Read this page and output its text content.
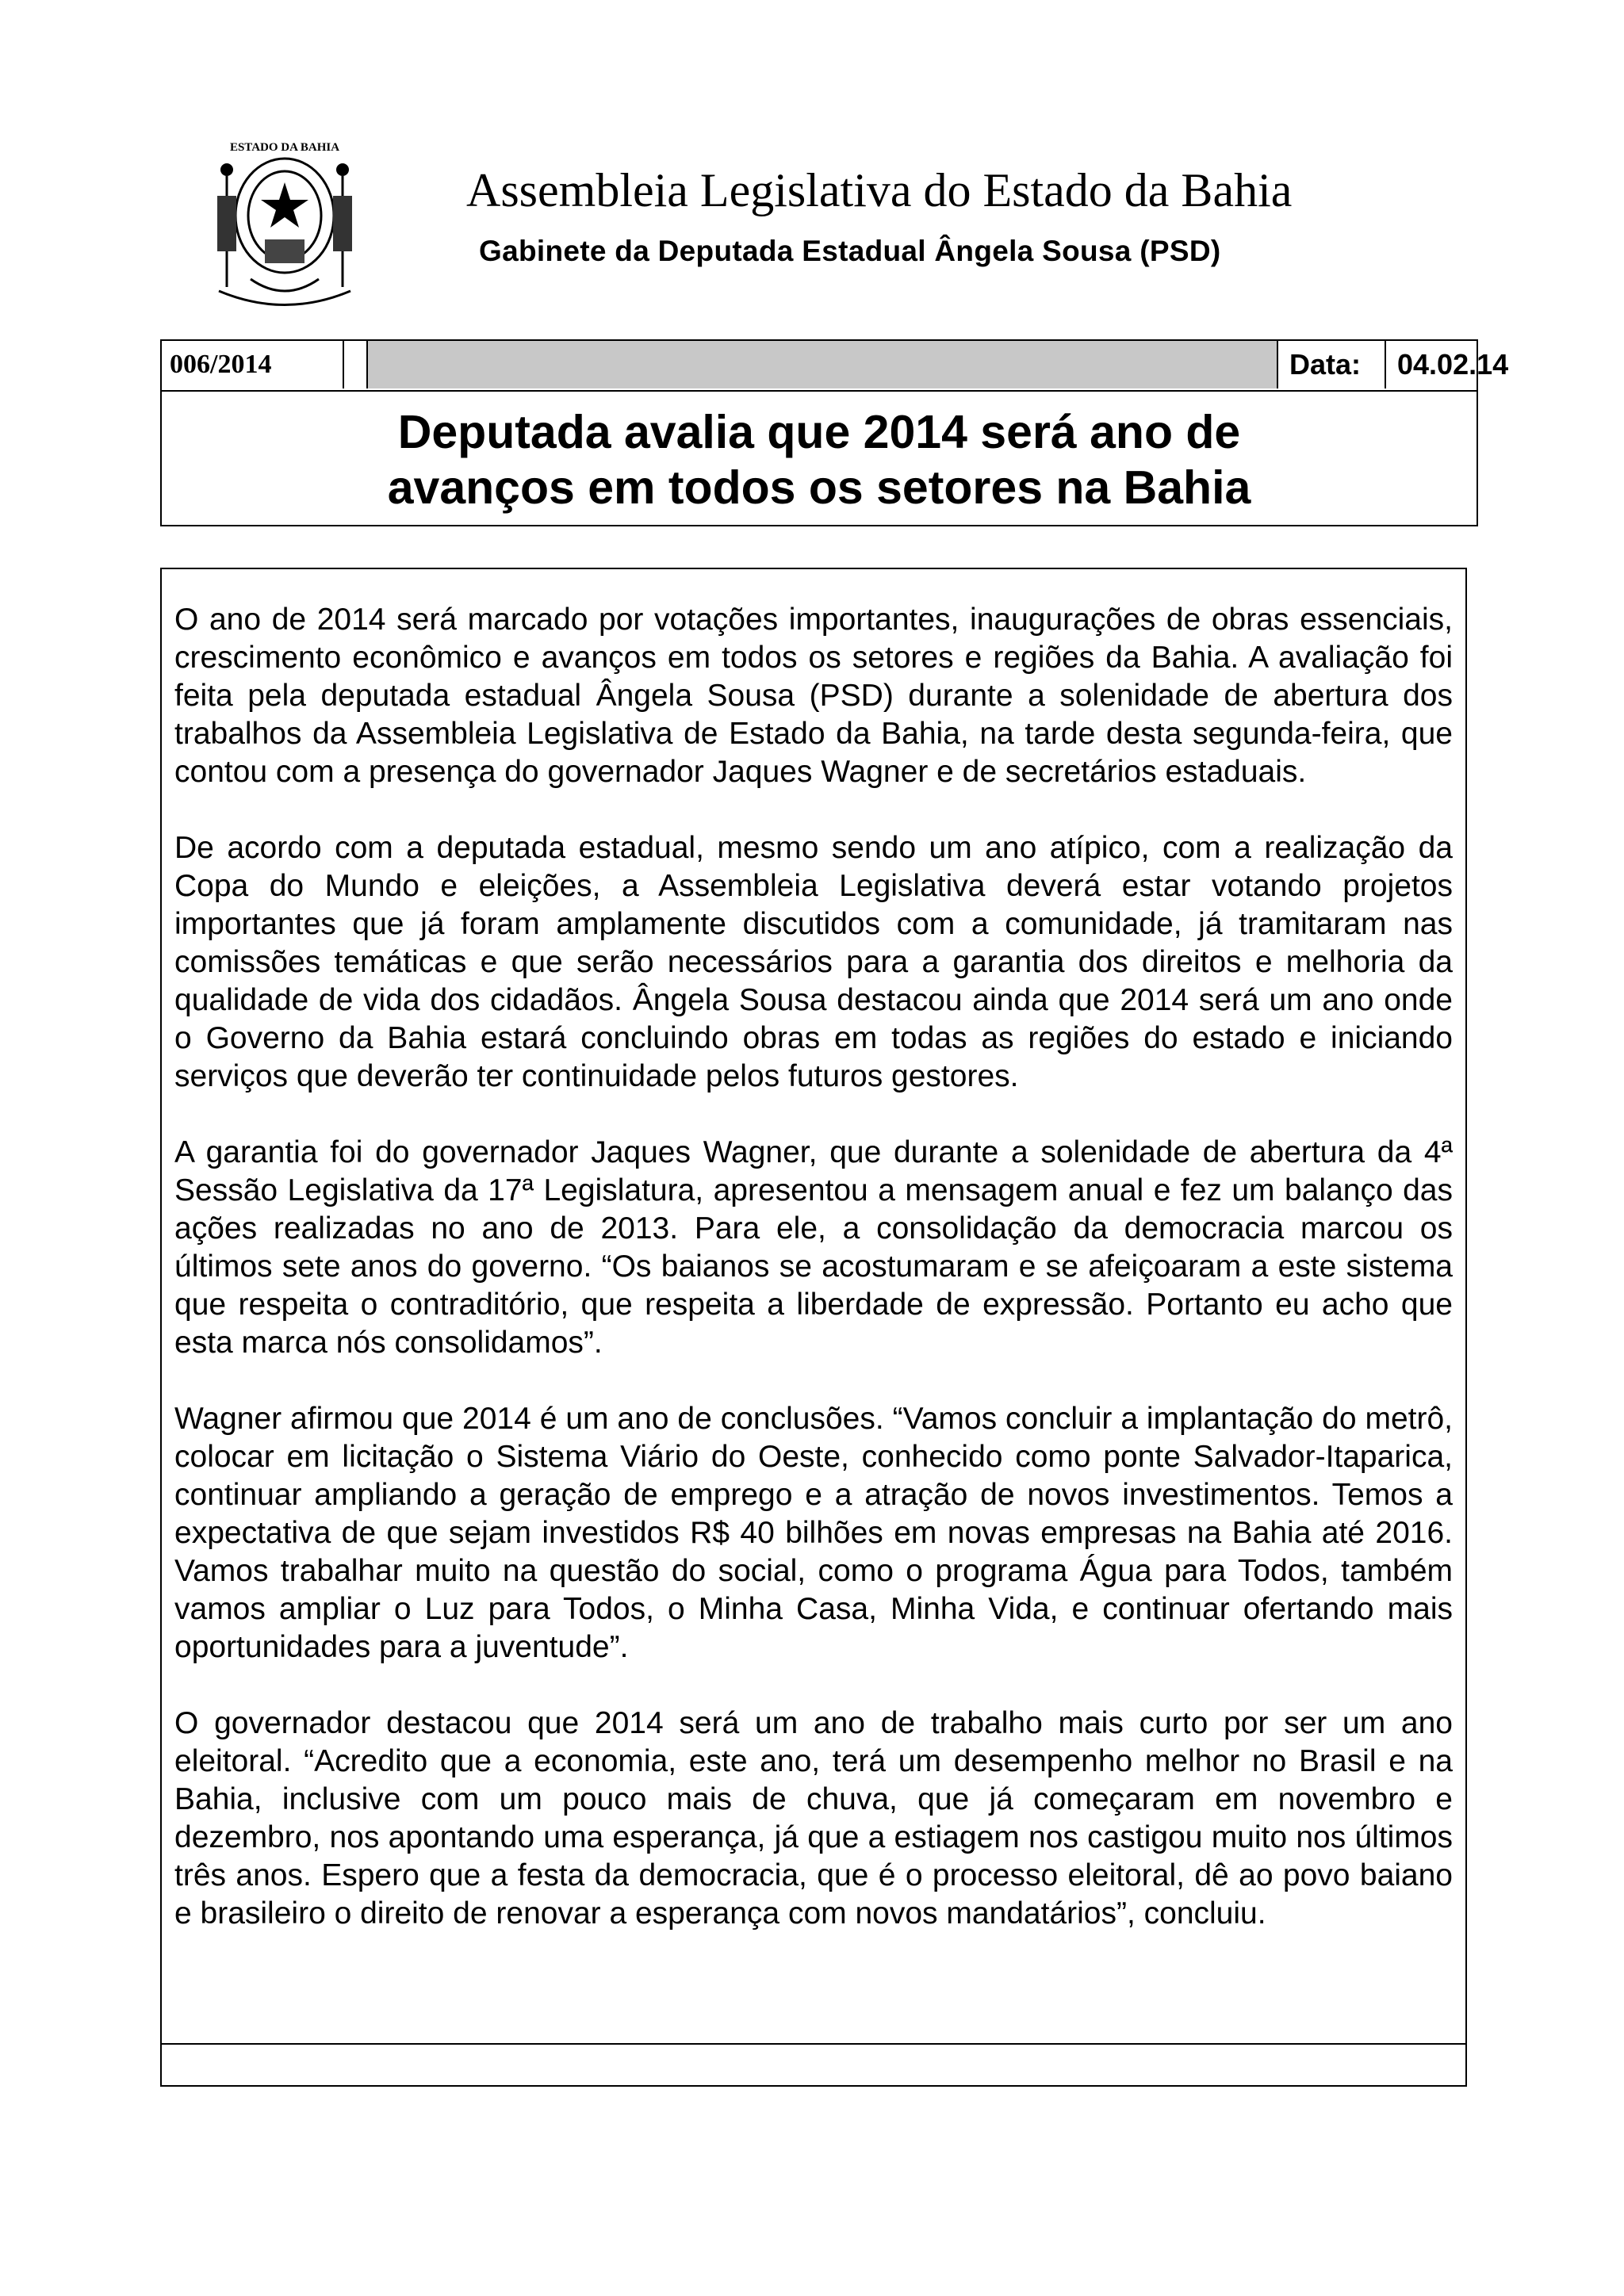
ESTADO DA BAHIA
Assembleia Legislativa do Estado da Bahia
Gabinete da Deputada Estadual Ângela Sousa (PSD)
006/2014	Data:	04.02.14
Deputada avalia que 2014 será ano de
avanços em todos os setores na Bahia

O ano de 2014 será marcado por votações importantes, inaugurações de obras essenciais, crescimento econômico e avanços em todos os setores e regiões da Bahia. A avaliação foi feita pela deputada estadual Ângela Sousa (PSD) durante a solenidade de abertura dos trabalhos da Assembleia Legislativa de Estado da Bahia, na tarde desta segunda-feira, que contou com a presença do governador Jaques Wagner e de secretários estaduais.

De acordo com a deputada estadual, mesmo sendo um ano atípico, com a realização da Copa do Mundo e eleições, a Assembleia Legislativa deverá estar votando projetos importantes que já foram amplamente discutidos com a comunidade, já tramitaram nas comissões temáticas e que serão necessários para a garantia dos direitos e melhoria da qualidade de vida dos cidadãos. Ângela Sousa destacou ainda que 2014 será um ano onde o Governo da Bahia estará concluindo obras em todas as regiões do estado e iniciando serviços que deverão ter continuidade pelos futuros gestores.

A garantia foi do governador Jaques Wagner, que durante a solenidade de abertura da 4ª Sessão Legislativa da 17ª Legislatura, apresentou a mensagem anual e fez um balanço das ações realizadas no ano de 2013. Para ele, a consolidação da democracia marcou os últimos sete anos do governo. “Os baianos se acostumaram e se afeiçoaram a este sistema que respeita o contraditório, que respeita a liberdade de expressão. Portanto eu acho que esta marca nós consolidamos”.

Wagner afirmou que 2014 é um ano de conclusões. “Vamos concluir a implantação do metrô, colocar em licitação o Sistema Viário do Oeste, conhecido como ponte Salvador-Itaparica, continuar ampliando a geração de emprego e a atração de novos investimentos. Temos a expectativa de que sejam investidos R$ 40 bilhões em novas empresas na Bahia até 2016. Vamos trabalhar muito na questão do social, como o programa Água para Todos, também vamos ampliar o Luz para Todos, o Minha Casa, Minha Vida, e continuar ofertando mais oportunidades para a juventude”.

O governador destacou que 2014 será um ano de trabalho mais curto por ser um ano eleitoral. “Acredito que a economia, este ano, terá um desempenho melhor no Brasil e na Bahia, inclusive com um pouco mais de chuva, que já começaram em novembro e dezembro, nos apontando uma esperança, já que a estiagem nos castigou muito nos últimos três anos. Espero que a festa da democracia, que é o processo eleitoral, dê ao povo baiano e brasileiro o direito de renovar a esperança com novos mandatários”, concluiu.
